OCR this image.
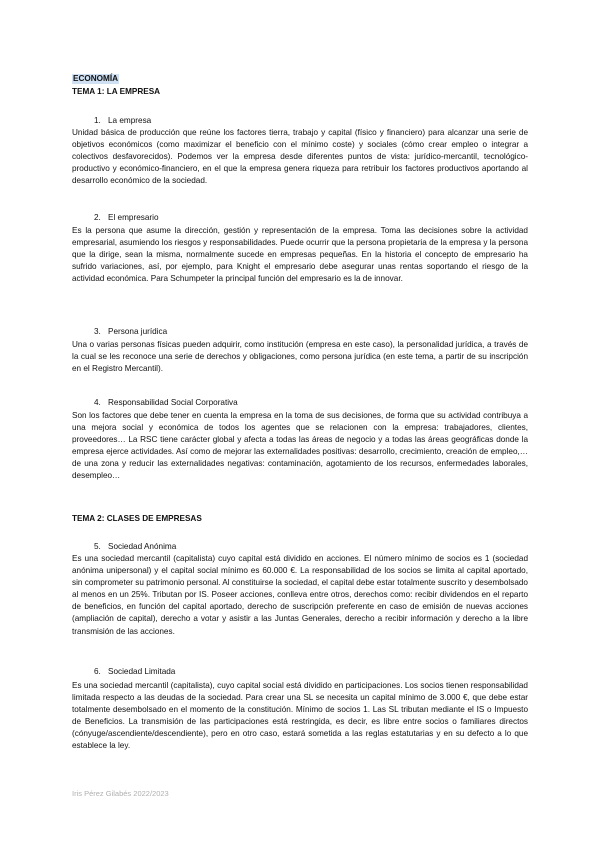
ECONOMÍA
TEMA 1: LA EMPRESA
1. La empresa
Unidad básica de producción que reúne los factores tierra, trabajo y capital (físico y financiero) para alcanzar una serie de objetivos económicos (como maximizar el beneficio con el mínimo coste) y sociales (cómo crear empleo o integrar a colectivos desfavorecidos). Podemos ver la empresa desde diferentes puntos de vista: jurídico-mercantil, tecnológico-productivo y económico-financiero, en el que la empresa genera riqueza para retribuir los factores productivos aportando al desarrollo económico de la sociedad.
2. El empresario
Es la persona que asume la dirección, gestión y representación de la empresa. Toma las decisiones sobre la actividad empresarial, asumiendo los riesgos y responsabilidades. Puede ocurrir que la persona propietaria de la empresa y la persona que la dirige, sean la misma, normalmente sucede en empresas pequeñas. En la historia el concepto de empresario ha sufrido variaciones, así, por ejemplo, para Knight el empresario debe asegurar unas rentas soportando el riesgo de la actividad económica. Para Schumpeter la principal función del empresario es la de innovar.
3. Persona jurídica
Una o varias personas físicas pueden adquirir, como institución (empresa en este caso), la personalidad jurídica, a través de la cual se les reconoce una serie de derechos y obligaciones, como persona jurídica (en este tema, a partir de su inscripción en el Registro Mercantil).
4. Responsabilidad Social Corporativa
Son los factores que debe tener en cuenta la empresa en la toma de sus decisiones, de forma que su actividad contribuya a una mejora social y económica de todos los agentes que se relacionen con la empresa: trabajadores, clientes, proveedores… La RSC tiene carácter global y afecta a todas las áreas de negocio y a todas las áreas geográficas donde la empresa ejerce actividades. Así como de mejorar las externalidades positivas: desarrollo, crecimiento, creación de empleo,… de una zona y reducir las externalidades negativas: contaminación, agotamiento de los recursos, enfermedades laborales, desempleo…
TEMA 2: CLASES DE EMPRESAS
5. Sociedad Anónima
Es una sociedad mercantil (capitalista) cuyo capital está dividido en acciones. El número mínimo de socios es 1 (sociedad anónima unipersonal) y el capital social mínimo es 60.000 €. La responsabilidad de los socios se limita al capital aportado, sin comprometer su patrimonio personal. Al constituirse la sociedad, el capital debe estar totalmente suscrito y desembolsado al menos en un 25%. Tributan por IS. Poseer acciones, conlleva entre otros, derechos como: recibir dividendos en el reparto de beneficios, en función del capital aportado, derecho de suscripción preferente en caso de emisión de nuevas acciones (ampliación de capital), derecho a votar y asistir a las Juntas Generales, derecho a recibir información y derecho a la libre transmisión de las acciones.
6. Sociedad Limitada
Es una sociedad mercantil (capitalista), cuyo capital social está dividido en participaciones. Los socios tienen responsabilidad limitada respecto a las deudas de la sociedad. Para crear una SL se necesita un capital mínimo de 3.000 €, que debe estar totalmente desembolsado en el momento de la constitución. Mínimo de socios 1. Las SL tributan mediante el IS o Impuesto de Beneficios. La transmisión de las participaciones está restringida, es decir, es libre entre socios o familiares directos (cónyuge/ascendiente/descendiente), pero en otro caso, estará sometida a las reglas estatutarias y en su defecto a lo que establece la ley.
Iris Pérez Gilabés 2022/2023
